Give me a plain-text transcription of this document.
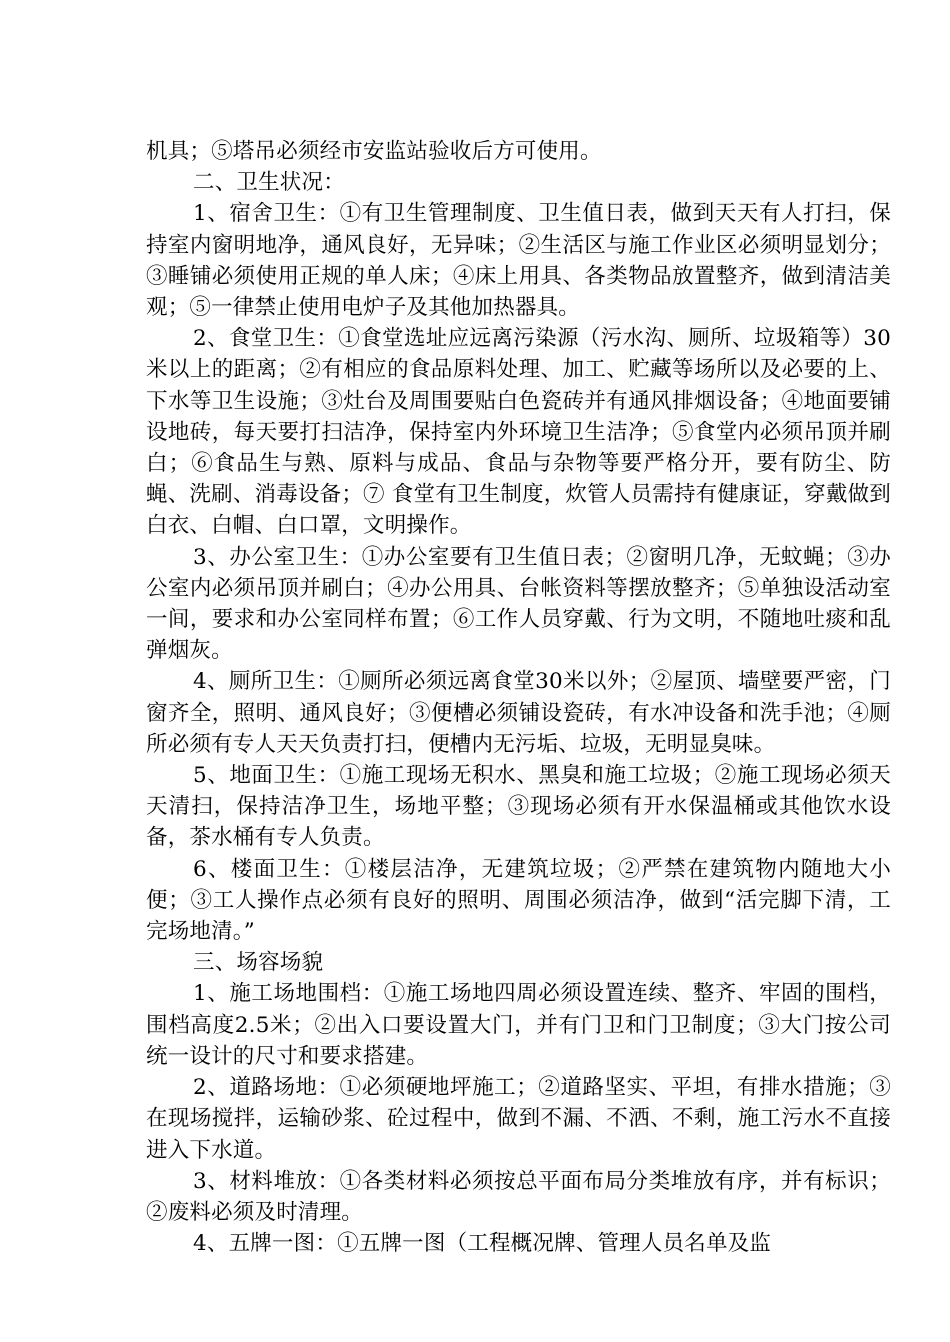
机具；⑤塔吊必须经市安监站验收后方可使用。

二、卫生状况：

1、宿舍卫生：①有卫生管理制度、卫生值日表，做到天天有人打扫，保持室内窗明地净，通风良好，无异味；②生活区与施工作业区必须明显划分；③睡铺必须使用正规的单人床；④床上用具、各类物品放置整齐，做到清洁美观；⑤一律禁止使用电炉子及其他加热器具。

2、食堂卫生：①食堂选址应远离污染源（污水沟、厕所、垃圾箱等）30米以上的距离；②有相应的食品原料处理、加工、贮藏等场所以及必要的上、下水等卫生设施；③灶台及周围要贴白色瓷砖并有通风排烟设备；④地面要铺设地砖，每天要打扫洁净，保持室内外环境卫生洁净；⑤食堂内必须吊顶并刷白；⑥食品生与熟、原料与成品、食品与杂物等要严格分开，要有防尘、防蝇、洗刷、消毒设备；⑦ 食堂有卫生制度，炊管人员需持有健康证，穿戴做到白衣、白帽、白口罩，文明操作。

3、办公室卫生：①办公室要有卫生值日表；②窗明几净，无蚊蝇；③办公室内必须吊顶并刷白；④办公用具、台帐资料等摆放整齐；⑤单独设活动室一间，要求和办公室同样布置；⑥工作人员穿戴、行为文明，不随地吐痰和乱弹烟灰。

4、厕所卫生：①厕所必须远离食堂30米以外；②屋顶、墙壁要严密，门窗齐全，照明、通风良好；③便槽必须铺设瓷砖，有水冲设备和洗手池；④厕所必须有专人天天负责打扫，便槽内无污垢、垃圾，无明显臭味。

5、地面卫生：①施工现场无积水、黑臭和施工垃圾；②施工现场必须天天清扫，保持洁净卫生，场地平整；③现场必须有开水保温桶或其他饮水设备，茶水桶有专人负责。

6、楼面卫生：①楼层洁净，无建筑垃圾；②严禁在建筑物内随地大小便；③工人操作点必须有良好的照明、周围必须洁净，做到“活完脚下清，工完场地清。”

三、场容场貌

1、施工场地围档：①施工场地四周必须设置连续、整齐、牢固的围档，围档高度2.5米；②出入口要设置大门，并有门卫和门卫制度；③大门按公司统一设计的尺寸和要求搭建。

2、道路场地：①必须硬地坪施工；②道路坚实、平坦，有排水措施；③在现场搅拌，运输砂浆、砼过程中，做到不漏、不洒、不剩，施工污水不直接进入下水道。

3、材料堆放：①各类材料必须按总平面布局分类堆放有序，并有标识；②废料必须及时清理。

4、五牌一图：①五牌一图（工程概况牌、管理人员名单及监
